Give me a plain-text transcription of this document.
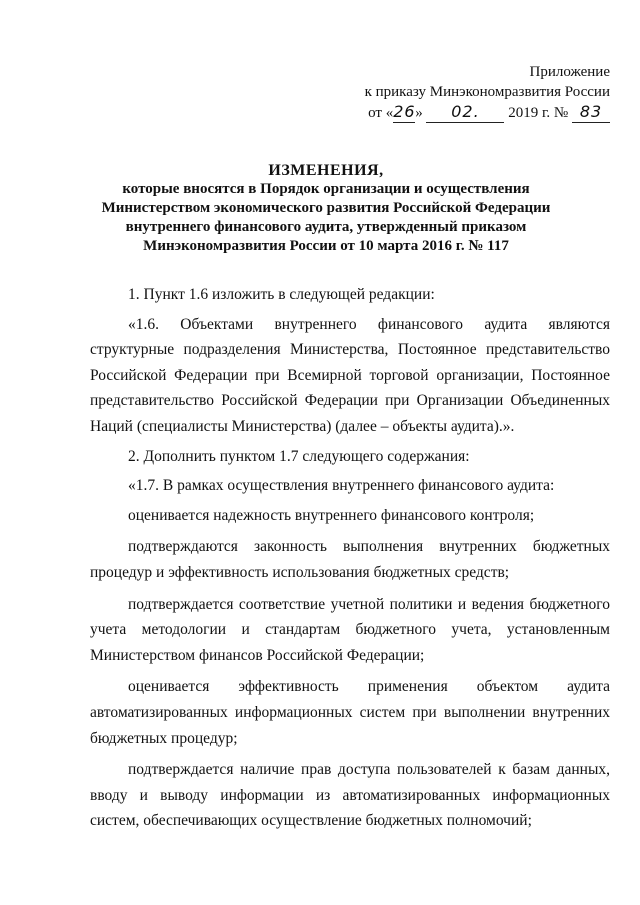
Приложение
к приказу Минэкономразвития России
от «26» 02. 2019 г. № 83
ИЗМЕНЕНИЯ,
которые вносятся в Порядок организации и осуществления
Министерством экономического развития Российской Федерации
внутреннего финансового аудита, утвержденный приказом
Минэкономразвития России от 10 марта 2016 г. № 117

1. Пункт 1.6 изложить в следующей редакции:

«1.6. Объектами внутреннего финансового аудита являются структурные подразделения Министерства, Постоянное представительство Российской Федерации при Всемирной торговой организации, Постоянное представительство Российской Федерации при Организации Объединенных Наций (специалисты Министерства) (далее – объекты аудита).».

2. Дополнить пунктом 1.7 следующего содержания:

«1.7. В рамках осуществления внутреннего финансового аудита:

оценивается надежность внутреннего финансового контроля;

подтверждаются законность выполнения внутренних бюджетных процедур и эффективность использования бюджетных средств;

подтверждается соответствие учетной политики и ведения бюджетного учета методологии и стандартам бюджетного учета, установленным Министерством финансов Российской Федерации;

оценивается эффективность применения объектом аудита автоматизированных информационных систем при выполнении внутренних бюджетных процедур;

подтверждается наличие прав доступа пользователей к базам данных, вводу и выводу информации из автоматизированных информационных систем, обеспечивающих осуществление бюджетных полномочий;
